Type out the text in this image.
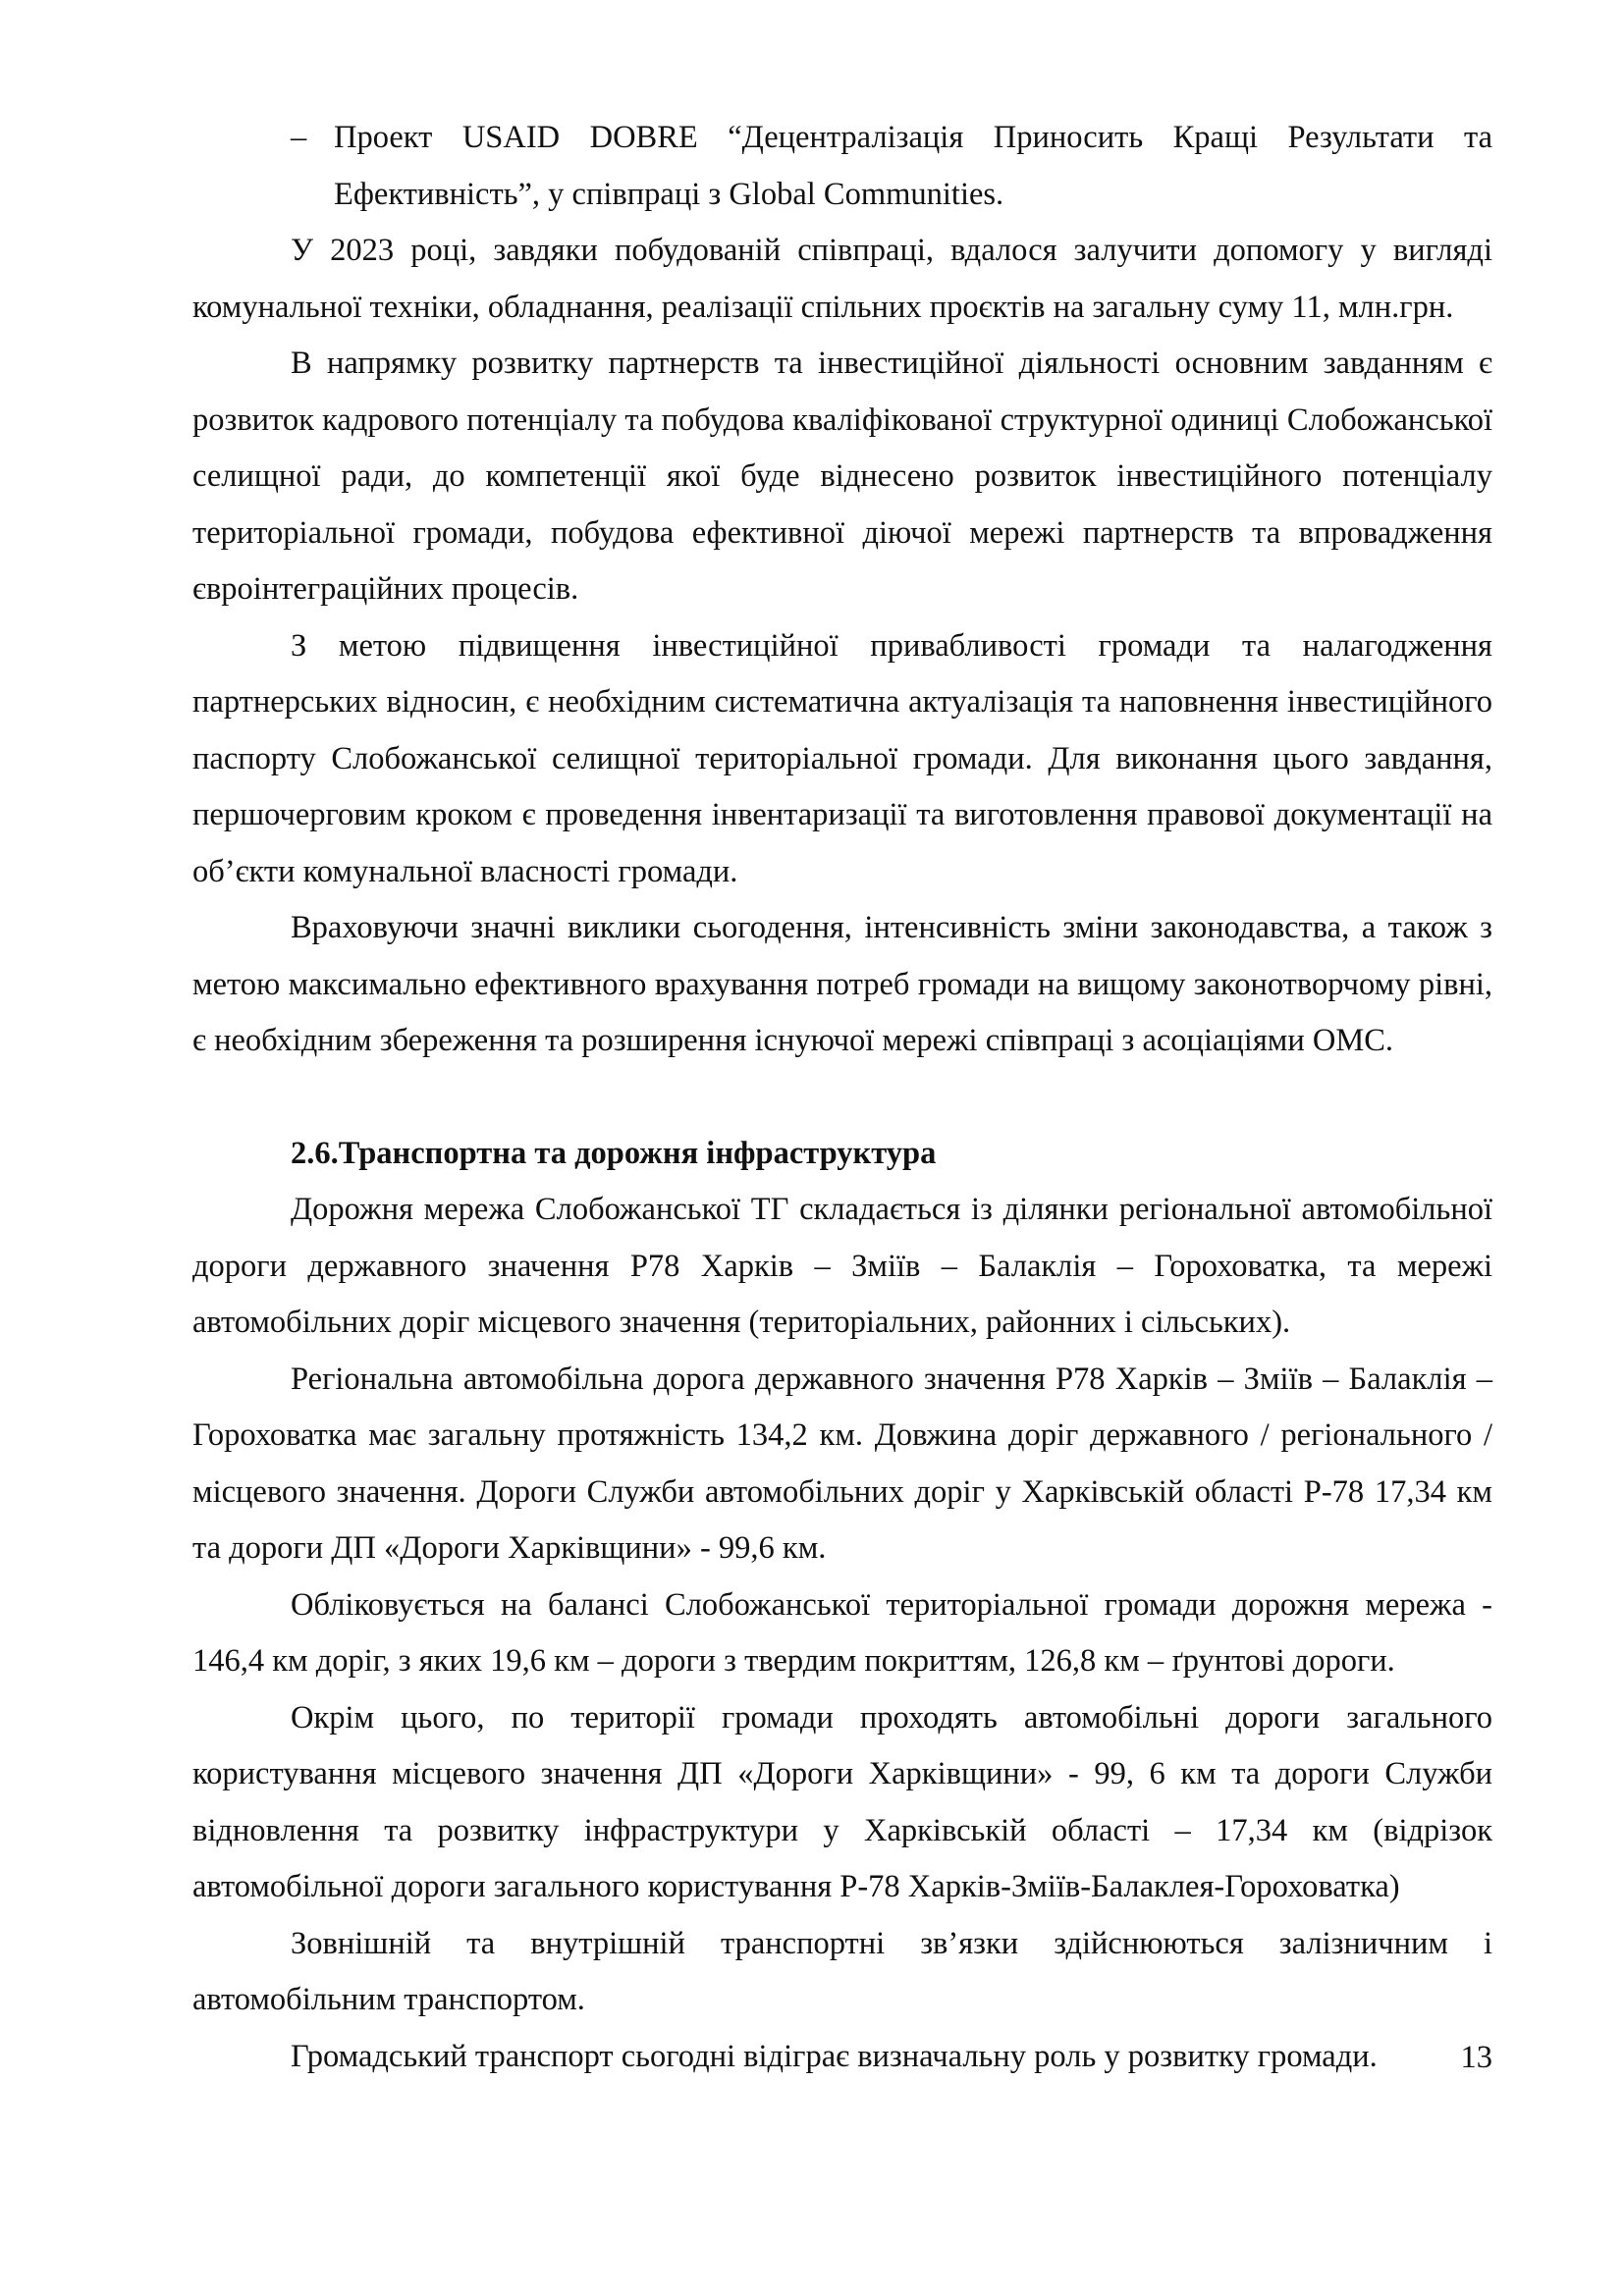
– Проект USAID DOBRE “Децентралізація Приносить Кращі Результати та Ефективність”, у співпраці з Global Communities.

У 2023 році, завдяки побудованій співпраці, вдалося залучити допомогу у вигляді комунальної техніки, обладнання, реалізації спільних проєктів на загальну суму 11, млн.грн.

В напрямку розвитку партнерств та інвестиційної діяльності основним завданням є розвиток кадрового потенціалу та побудова кваліфікованої структурної одиниці Слобожанської селищної ради, до компетенції якої буде віднесено розвиток інвестиційного потенціалу територіальної громади, побудова ефективної діючої мережі партнерств та впровадження євроінтеграційних процесів.

З метою підвищення інвестиційної привабливості громади та налагодження партнерських відносин, є необхідним систематична актуалізація та наповнення інвестиційного паспорту Слобожанської селищної територіальної громади. Для виконання цього завдання, першочерговим кроком є проведення інвентаризації та виготовлення правової документації на об’єкти комунальної власності громади.

Враховуючи значні виклики сьогодення, інтенсивність зміни законодавства, а також з метою максимально ефективного врахування потреб громади на вищому законотворчому рівні, є необхідним збереження та розширення існуючої мережі співпраці з асоціаціями ОМС.

2.6.Транспортна та дорожня інфраструктура

Дорожня мережа Слобожанської ТГ складається із ділянки регіональної автомобільної дороги державного значення Р78 Харків – Зміїв – Балаклія – Гороховатка, та мережі автомобільних доріг місцевого значення (територіальних, районних і сільських).

Регіональна автомобільна дорога державного значення Р78 Харків – Зміїв – Балаклія – Гороховатка має загальну протяжність 134,2 км. Довжина доріг державного / регіонального / місцевого значення. Дороги Служби автомобільних доріг у Харківській області Р-78 17,34 км та дороги ДП «Дороги Харківщини» - 99,6 км.

Обліковується на балансі Слобожанської територіальної громади дорожня мережа - 146,4 км доріг, з яких 19,6 км – дороги з твердим покриттям, 126,8 км – ґрунтові дороги.

Окрім цього, по території громади проходять автомобільні дороги загального користування місцевого значення ДП «Дороги Харківщини» - 99, 6 км та дороги Служби відновлення та розвитку інфраструктури у Харківській області – 17,34 км (відрізок автомобільної дороги загального користування Р-78 Харків-Зміїв-Балаклея-Гороховатка)

Зовнішній та внутрішній транспортні зв’язки здійснюються залізничним і автомобільним транспортом.

Громадський транспорт сьогодні відіграє визначальну роль у розвитку громади.	13
